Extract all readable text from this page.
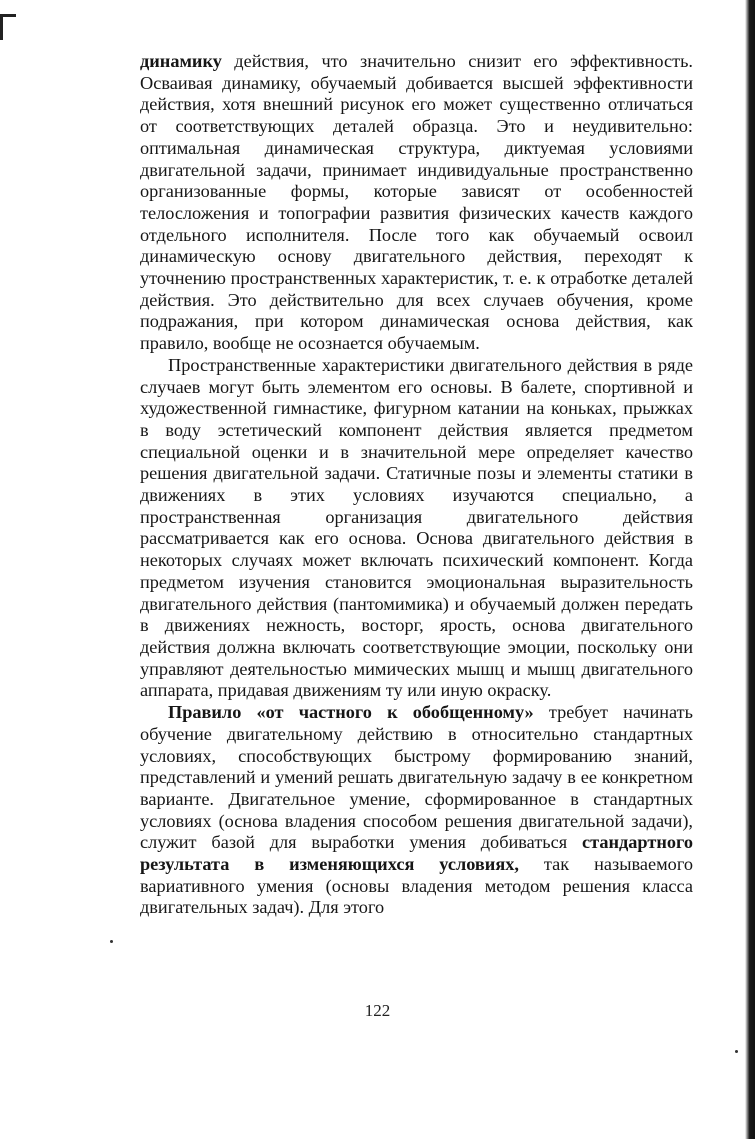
динамику действия, что значительно снизит его эффективность. Осваивая динамику, обучаемый добивается высшей эффективности действия, хотя внешний рисунок его может существенно отличаться от соответствующих деталей образца. Это и неудивительно: оптимальная динамическая структура, диктуемая условиями двигательной задачи, принимает индивидуальные пространственно организованные формы, которые зависят от особенностей телосложения и топографии развития физических качеств каждого отдельного исполнителя. После того как обучаемый освоил динамическую основу двигательного действия, переходят к уточнению пространственных характеристик, т. е. к отработке деталей действия. Это действительно для всех случаев обучения, кроме подражания, при котором динамическая основа действия, как правило, вообще не осознается обучаемым.

Пространственные характеристики двигательного действия в ряде случаев могут быть элементом его основы. В балете, спортивной и художественной гимнастике, фигурном катании на коньках, прыжках в воду эстетический компонент действия является предметом специальной оценки и в значительной мере определяет качество решения двигательной задачи. Статичные позы и элементы статики в движениях в этих условиях изучаются специально, а пространственная организация двигательного действия рассматривается как его основа. Основа двигательного действия в некоторых случаях может включать психический компонент. Когда предметом изучения становится эмоциональная выразительность двигательного действия (пантомимика) и обучаемый должен передать в движениях нежность, восторг, ярость, основа двигательного действия должна включать соответствующие эмоции, поскольку они управляют деятельностью мимических мышц и мышц двигательного аппарата, придавая движениям ту или иную окраску.

Правило «от частного к обобщенному» требует начинать обучение двигательному действию в относительно стандартных условиях, способствующих быстрому формированию знаний, представлений и умений решать двигательную задачу в ее конкретном варианте. Двигательное умение, сформированное в стандартных условиях (основа владения способом решения двигательной задачи), служит базой для выработки умения добиваться стандартного результата в изменяющихся условиях, так называемого вариативного умения (основы владения методом решения класса двигательных задач). Для этого

122
